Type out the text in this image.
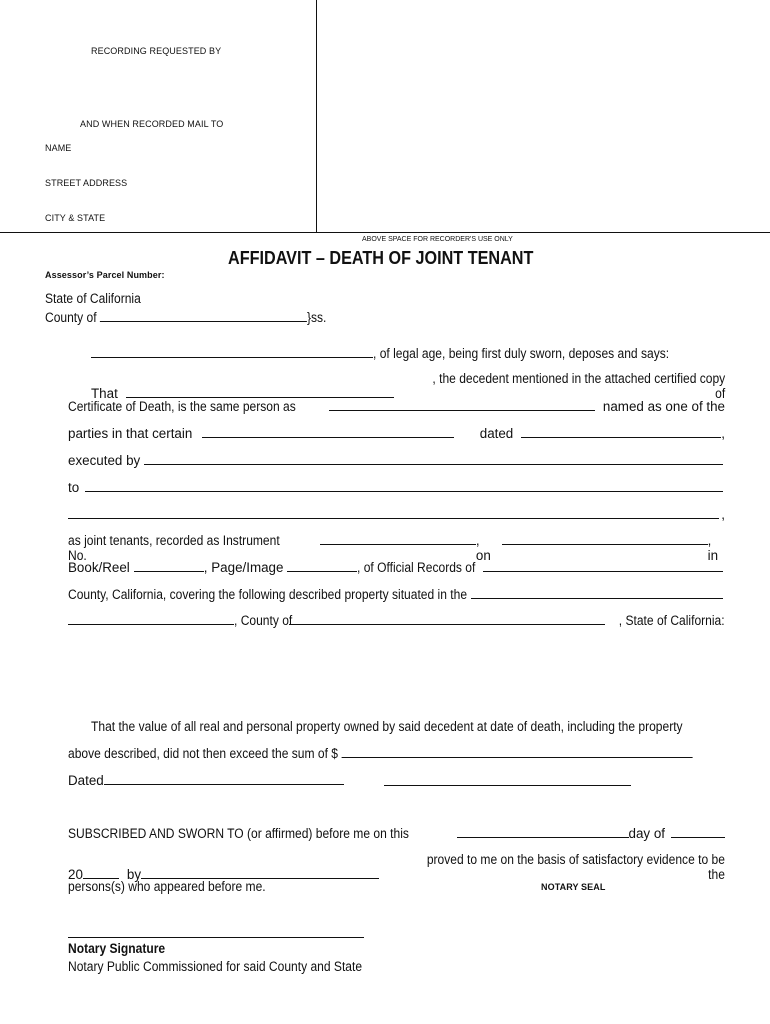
RECORDING REQUESTED BY
AND WHEN RECORDED MAIL TO
NAME
STREET ADDRESS
CITY & STATE
ABOVE SPACE FOR RECORDER'S USE ONLY
AFFIDAVIT – DEATH OF JOINT TENANT
Assessor’s Parcel Number:
State of California
County of	}ss.
, of legal age, being first duly sworn, deposes and says:
That
, the decedent mentioned in the attached certified copy of
Certificate of Death, is the same person as	named as one of the
parties in that certain	dated	,
executed by
to
,
as joint tenants, recorded as Instrument No.
, on
, in
Book/Reel	, Page/Image	, of Official Records of
County, California, covering the following described property situated in the
, County of	, State of California:
That the value of all real and personal property owned by said decedent at date of death, including the property
above described, did not then exceed the sum of $
Dated
SUBSCRIBED AND SWORN TO (or affirmed) before me on this	day of
20	by
proved to me on the basis of satisfactory evidence to be the
persons(s) who appeared before me.	NOTARY SEAL
Notary Signature
Notary Public Commissioned for said County and State
